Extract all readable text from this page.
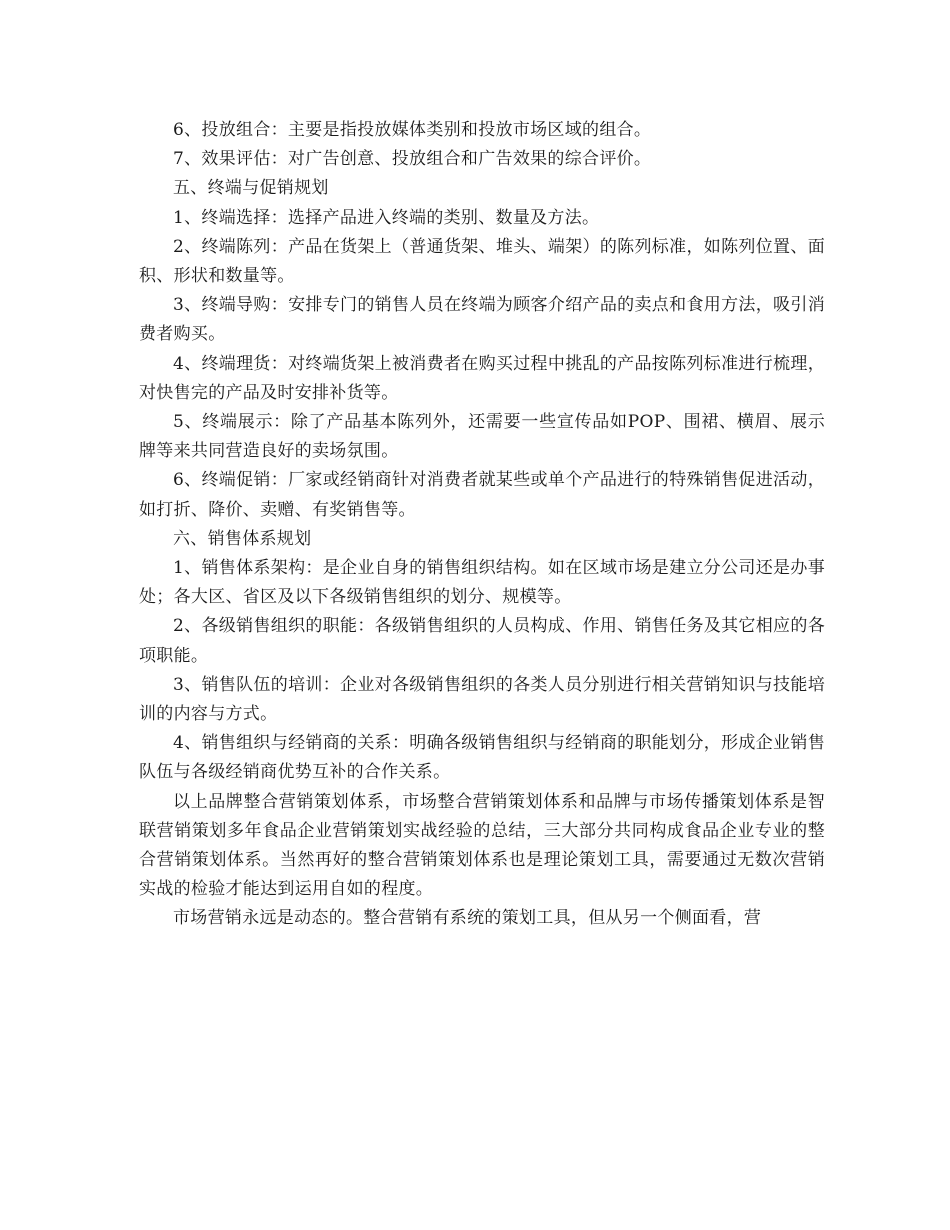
6、投放组合：主要是指投放媒体类别和投放市场区域的组合。

7、效果评估：对广告创意、投放组合和广告效果的综合评价。

五、终端与促销规划

1、终端选择：选择产品进入终端的类别、数量及方法。

2、终端陈列：产品在货架上（普通货架、堆头、端架）的陈列标准，如陈列位置、面积、形状和数量等。

3、终端导购：安排专门的销售人员在终端为顾客介绍产品的卖点和食用方法，吸引消费者购买。

4、终端理货：对终端货架上被消费者在购买过程中挑乱的产品按陈列标准进行梳理，对快售完的产品及时安排补货等。

5、终端展示：除了产品基本陈列外，还需要一些宣传品如POP、围裙、横眉、展示牌等来共同营造良好的卖场氛围。

6、终端促销：厂家或经销商针对消费者就某些或单个产品进行的特殊销售促进活动，如打折、降价、卖赠、有奖销售等。

六、销售体系规划

1、销售体系架构：是企业自身的销售组织结构。如在区域市场是建立分公司还是办事处；各大区、省区及以下各级销售组织的划分、规模等。

2、各级销售组织的职能：各级销售组织的人员构成、作用、销售任务及其它相应的各项职能。

3、销售队伍的培训：企业对各级销售组织的各类人员分别进行相关营销知识与技能培训的内容与方式。

4、销售组织与经销商的关系：明确各级销售组织与经销商的职能划分，形成企业销售队伍与各级经销商优势互补的合作关系。

以上品牌整合营销策划体系，市场整合营销策划体系和品牌与市场传播策划体系是智联营销策划多年食品企业营销策划实战经验的总结，三大部分共同构成食品企业专业的整合营销策划体系。当然再好的整合营销策划体系也是理论策划工具，需要通过无数次营销实战的检验才能达到运用自如的程度。

市场营销永远是动态的。整合营销有系统的策划工具，但从另一个侧面看，营
